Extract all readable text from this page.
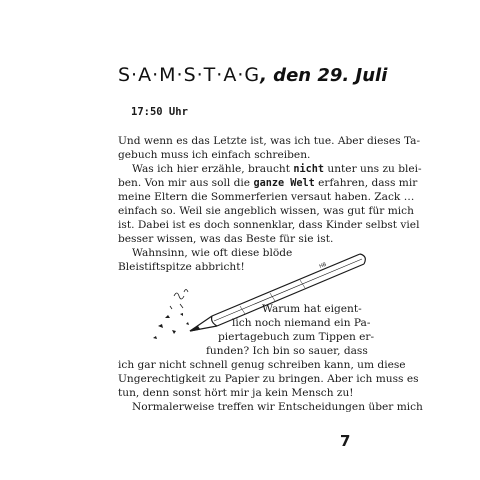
S·A·M·S·T·A·G, den 29. Juli
17:50 Uhr
Und wenn es das Letzte ist, was ich tue. Aber dieses Ta-
gebuch muss ich einfach schreiben.
Was ich hier erzähle, braucht nicht unter uns zu blei-
ben. Von mir aus soll die ganze Welt erfahren, dass mir
meine Eltern die Sommerferien versaut haben. Zack …
einfach so. Weil sie angeblich wissen, was gut für mich
ist. Dabei ist es doch sonnenklar, dass Kinder selbst viel
besser wissen, was das Beste für sie ist.
Wahnsinn, wie oft diese blöde
Bleistiftspitze abbricht!
Warum hat eigent-
lich noch niemand ein Pa-
piertagebuch zum Tippen er-
funden? Ich bin so sauer, dass
ich gar nicht schnell genug schreiben kann, um diese
Ungerechtigkeit zu Papier zu bringen. Aber ich muss es
tun, denn sonst hört mir ja kein Mensch zu!
Normalerweise treffen wir Entscheidungen über mich
7
HB
